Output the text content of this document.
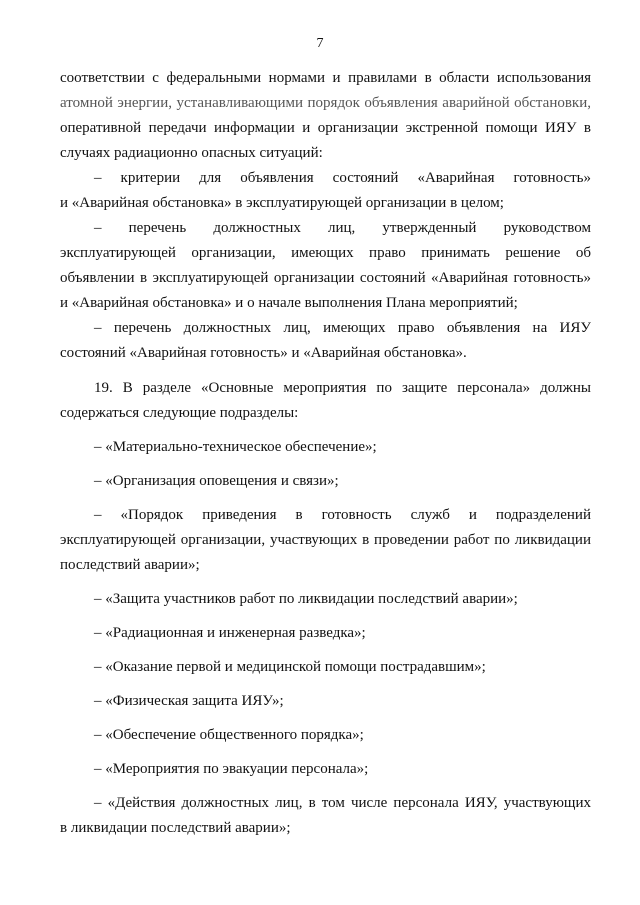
7
соответствии с федеральными нормами и правилами в области использования
атомной энергии, устанавливающими порядок объявления аварийной обстановки,
оперативной передачи информации и организации экстренной помощи ИЯУ в
случаях радиационно опасных ситуаций:
– критерии для объявления состояний «Аварийная готовность»
и «Аварийная обстановка» в эксплуатирующей организации в целом;
– перечень должностных лиц, утвержденный руководством
эксплуатирующей организации, имеющих право принимать решение об
объявлении в эксплуатирующей организации состояний «Аварийная готовность»
и «Аварийная обстановка» и о начале выполнения Плана мероприятий;
– перечень должностных лиц, имеющих право объявления на ИЯУ
состояний «Аварийная готовность» и «Аварийная обстановка».
19. В разделе «Основные мероприятия по защите персонала» должны
содержаться следующие подразделы:
– «Материально-техническое обеспечение»;
– «Организация оповещения и связи»;
– «Порядок приведения в готовность служб и подразделений
эксплуатирующей организации, участвующих в проведении работ по ликвидации
последствий аварии»;
– «Защита участников работ по ликвидации последствий аварии»;
– «Радиационная и инженерная разведка»;
– «Оказание первой и медицинской помощи пострадавшим»;
– «Физическая защита ИЯУ»;
– «Обеспечение общественного порядка»;
– «Мероприятия по эвакуации персонала»;
– «Действия должностных лиц, в том числе персонала ИЯУ, участвующих
в ликвидации последствий аварии»;
